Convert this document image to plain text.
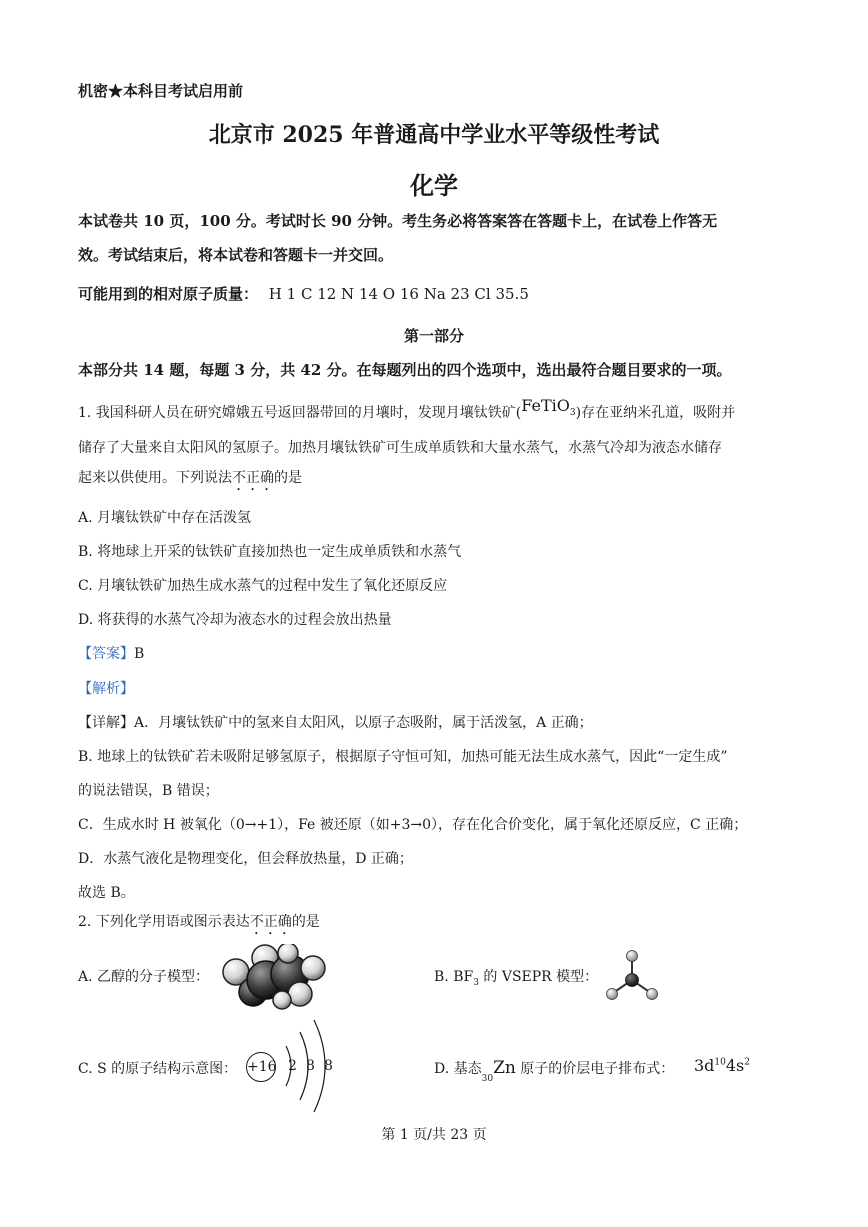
机密★本科目考试启用前
北京市 2025 年普通高中学业水平等级性考试
化学
本试卷共 10 页，100 分。考试时长 90 分钟。考生务必将答案答在答题卡上，在试卷上作答无
效。考试结束后，将本试卷和答题卡一并交回。
可能用到的相对原子质量： H 1 C 12 N 14 O 16 Na 23 Cl 35.5
第一部分
本部分共 14 题，每题 3 分，共 42 分。在每题列出的四个选项中，选出最符合题目要求的一项。
1. 我国科研人员在研究嫦娥五号返回器带回的月壤时，发现月壤钛铁矿(FeTiO$_3$)存在亚纳米孔道，吸附并
储存了大量来自太阳风的氢原子。加热月壤钛铁矿可生成单质铁和大量水蒸气，水蒸气冷却为液态水储存
起来以供使用。下列说法不正确的是
A. 月壤钛铁矿中存在活泼氢
B. 将地球上开采的钛铁矿直接加热也一定生成单质铁和水蒸气
C. 月壤钛铁矿加热生成水蒸气的过程中发生了氧化还原反应
D. 将获得的水蒸气冷却为液态水的过程会放出热量
【答案】B
【解析】
【详解】A．月壤钛铁矿中的氢来自太阳风，以原子态吸附，属于活泼氢，A 正确；
B. 地球上的钛铁矿若未吸附足够氢原子，根据原子守恒可知，加热可能无法生成水蒸气，因此“一定生成”
的说法错误，B 错误；
C．生成水时 H 被氧化（0→+1），Fe 被还原（如+3→0），存在化合价变化，属于氧化还原反应，C 正确；
D．水蒸气液化是物理变化，但会释放热量，D 正确；
故选 B。
2. 下列化学用语或图示表达不正确的是
A. 乙醇的分子模型：	B. $BF_3$ 的 VSEPR 模型：
C. S 的原子结构示意图： +16 2 8 8	D. 基态$_{30}$Zn 原子的价层电子排布式： $3d^{10}4s^2$
第 1 页/共 23 页
